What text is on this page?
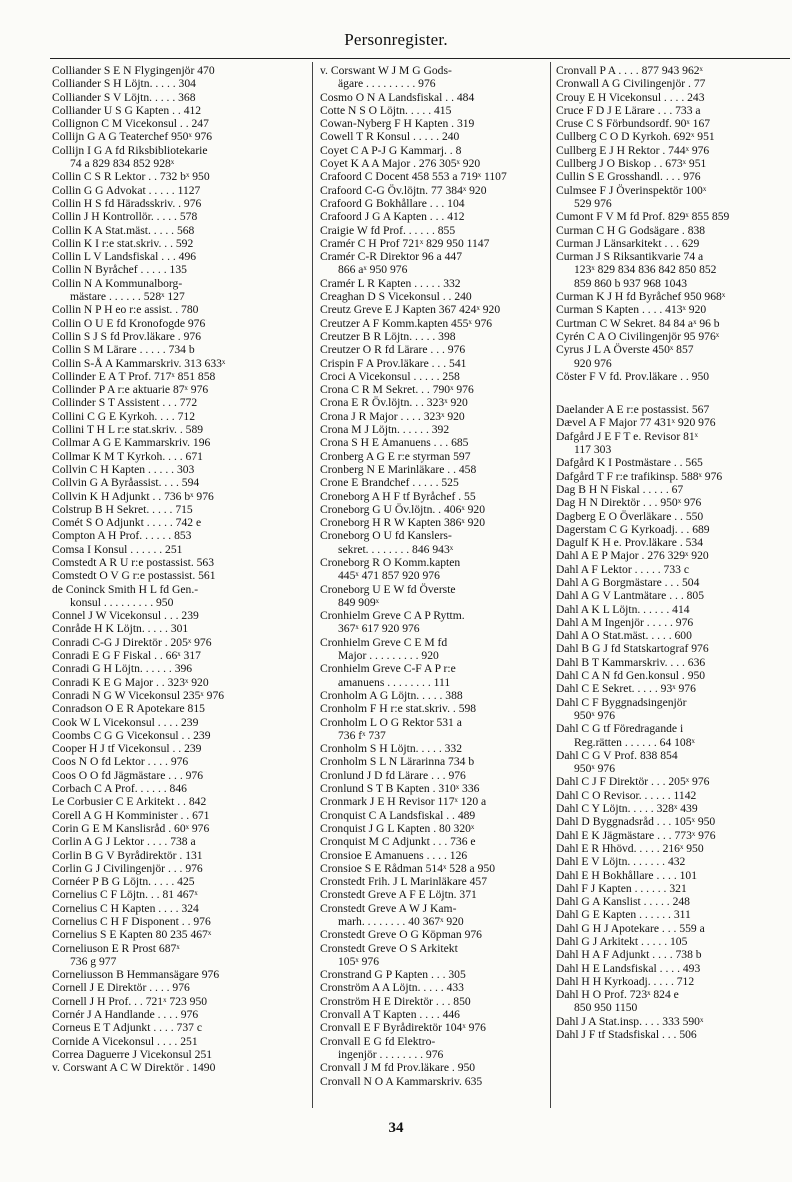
Personregister.
Colliander S E N Flygingenjör 470
Colliander S H Löjtn. . . . . 304
Colliander S V Löjtn. . . . . 368
Colliander U S G Kapten . . 412
Collignon C M Vicekonsul . . 247
Collijn G A G Teaterchef 950ˣ 976
Collijn I G A fd Riksbibliotekarie
74 a 829 834 852 928ˣ
Collin C S R Lektor . . 732 bˣ 950
Collin G G Advokat . . . . . 1127
Collin H S fd Häradsskriv. . 976
Collin J H Kontrollör. . . . . 578
Collin K A Stat.mäst. . . . . 568
Collin K I r:e stat.skriv. . . 592
Collin L V Landsfiskal . . . 496
Collin N Byråchef . . . . . 135
Collin N A Kommunalborg-
mästare . . . . . . 528ˣ 127
Collin N P H eo r:e assist. . 780
Collin O U E fd Kronofogde 976
Collin S J S fd Prov.läkare . 976
Collin S M Lärare . . . . . 734 b
Collin S-Å A Kammarskriv. 313 633ˣ
Collinder E A T Prof. 717ˣ 851 858
Collinder P A r:e aktuarie 87ˣ 976
Collinder S T Assistent . . . 772
Collini C G E Kyrkoh. . . . 712
Collini T H L r:e stat.skriv. . 589
Collmar A G E Kammarskriv. 196
Collmar K M T Kyrkoh. . . . 671
Collvin C H Kapten . . . . . 303
Collvin G A Byråassist. . . . 594
Collvin K H Adjunkt . . 736 bˣ 976
Colstrup B H Sekret. . . . . 715
Comét S O Adjunkt . . . . . 742 e
Compton A H Prof. . . . . . 853
Comsa I Konsul . . . . . . 251
Comstedt A R U r:e postassist. 563
Comstedt O V G r:e postassist. 561
de Coninck Smith H L fd Gen.-
konsul . . . . . . . . . 950
Connel J W Vicekonsul . . . 239
Conråde H K Löjtn. . . . . 301
Conradi C-G J Direktör . 205ˣ 976
Conradi E G F Fiskal . . 66ˣ 317
Conradi G H Löjtn. . . . . . 396
Conradi K E G Major . . 323ˣ 920
Conradi N G W Vicekonsul 235ˣ 976
Conradson O E R Apotekare 815
Cook W L Vicekonsul . . . . 239
Coombs C G G Vicekonsul . . 239
Cooper H J tf Vicekonsul . . 239
Coos N O fd Lektor . . . . 976
Coos O O fd Jägmästare . . . 976
Corbach C A Prof. . . . . . 846
Le Corbusier C E Arkitekt . . 842
Corell A G H Komminister . . 671
Corin G E M Kanslisråd . 60ˣ 976
Corlin A G J Lektor . . . . 738 a
Corlin B G V Byrådirektör . 131
Corlin G J Civilingenjör . . . 976
Cornéer P B G Löjtn. . . . . 425
Cornelius C F Löjtn. . . 81 467ˣ
Cornelius C H Kapten . . . . 324
Cornelius C H F Disponent . . 976
Cornelius S E Kapten 80 235 467ˣ
Corneliuson E R Prost 687ˣ
736 g 977
Corneliusson B Hemmansägare 976
Cornell J E Direktör . . . . 976
Cornell J H Prof. . . 721ˣ 723 950
Cornér J A Handlande . . . . 976
Corneus E T Adjunkt . . . . 737 c
Cornide A Vicekonsul . . . . 251
Correa Daguerre J Vicekonsul 251
v. Corswant A C W Direktör . 1490
v. Corswant W J M G Gods-
ägare . . . . . . . . . 976
Cosmo O N A Landsfiskal . . 484
Cotte N S O Löjtn. . . . . 415
Cowan-Nyberg F H Kapten . 319
Cowell T R Konsul . . . . . 240
Coyet C A P-J G Kammarj. . 8
Coyet K A A Major . 276 305ˣ 920
Crafoord C Docent 458 553 a 719ˣ 1107
Crafoord C-G Öv.löjtn. 77 384ˣ 920
Crafoord G Bokhållare . . . 104
Crafoord J G A Kapten . . . 412
Craigie W fd Prof. . . . . . 855
Cramér C H Prof 721ˣ 829 950 1147
Cramér C-R Direktor 96 a 447
866 aˣ 950 976
Cramér L R Kapten . . . . . 332
Creaghan D S Vicekonsul . . 240
Creutz Greve E J Kapten 367 424ˣ 920
Creutzer A F Komm.kapten 455ˣ 976
Creutzer B R Löjtn. . . . . 398
Creutzer O R fd Lärare . . . 976
Crispin F A Prov.läkare . . . 541
Croci A Vicekonsul . . . . . 258
Crona C R M Sekret. . . 790ˣ 976
Crona E R Öv.löjtn. . . 323ˣ 920
Crona J R Major . . . . 323ˣ 920
Crona M J Löjtn. . . . . . 392
Crona S H E Amanuens . . . 685
Cronberg A G E r:e styrman 597
Cronberg N E Marinläkare . . 458
Crone E Brandchef . . . . . 525
Croneborg A H F tf Byråchef . 55
Croneborg G U Öv.löjtn. . 406ˣ 920
Croneborg H R W Kapten 386ˣ 920
Croneborg O U fd Kanslers-
sekret. . . . . . . . 846 943ˣ
Croneborg R O Komm.kapten
445ˣ 471 857 920 976
Croneborg U E W fd Överste
849 909ˣ
Cronhielm Greve C A P Ryttm.
367ˣ 617 920 976
Cronhielm Greve C E M fd
Major . . . . . . . . . 920
Cronhielm Greve C-F A P r:e
amanuens . . . . . . . . 111
Cronholm A G Löjtn. . . . . 388
Cronholm F H r:e stat.skriv. . 598
Cronholm L O G Rektor 531 a
736 fˣ 737
Cronholm S H Löjtn. . . . . 332
Cronholm S L N Lärarinna 734 b
Cronlund J D fd Lärare . . . 976
Cronlund S T B Kapten . 310ˣ 336
Cronmark J E H Revisor 117ˣ 120 a
Cronquist C A Landsfiskal . . 489
Cronquist J G L Kapten . 80 320ˣ
Cronquist M C Adjunkt . . . 736 e
Cronsioe E Amanuens . . . . 126
Cronsioe S E Rådman 514ˣ 528 a 950
Cronstedt Frih. J L Marinläkare 457
Cronstedt Greve A F E Löjtn. 371
Cronstedt Greve A W J Kam-
marh. . . . . . . . 40 367ˣ 920
Cronstedt Greve O G Köpman 976
Cronstedt Greve O S Arkitekt
105ˣ 976
Cronstrand G P Kapten . . . 305
Cronström A A Löjtn. . . . . 433
Cronström H E Direktör . . . 850
Cronvall A T Kapten . . . . 446
Cronvall E F Byrådirektör 104ˣ 976
Cronvall E G fd Elektro-
ingenjör . . . . . . . . 976
Cronvall J M fd Prov.läkare . 950
Cronvall N O A Kammarskriv. 635
Cronvall P A . . . . 877 943 962ˣ
Cronwall A G Civilingenjör . 77
Crouy E H Vicekonsul . . . . 243
Cruce F D J E Lärare . . . 733 a
Cruse C S Förbundsordf. 90ˣ 167
Cullberg C O D Kyrkoh. 692ˣ 951
Cullberg E J H Rektor . 744ˣ 976
Cullberg J O Biskop . . 673ˣ 951
Cullin S E Grosshandl. . . . 976
Culmsee F J Överinspektör 100ˣ
529 976
Cumont F V M fd Prof. 829ˣ 855 859
Curman C H G Godsägare . 838
Curman J Länsarkitekt . . . 629
Curman J S Riksantikvarie 74 a
123ˣ 829 834 836 842 850 852
859 860 b 937 968 1043
Curman K J H fd Byråchef 950 968ˣ
Curman S Kapten . . . . 413ˣ 920
Curtman C W Sekret. 84 84 aˣ 96 b
Cyrén C A O Civilingenjör 95 976ˣ
Cyrus J L A Överste 450ˣ 857
920 976
Cöster F V fd. Prov.läkare . . 950
Daelander A E r:e postassist. 567
Dævel A F Major 77 431ˣ 920 976
Dafgård J E F T e. Revisor 81ˣ
117 303
Dafgård K I Postmästare . . 565
Dafgård T F r:e trafikinsp. 588ˣ 976
Dag B H N Fiskal . . . . . 67
Dag H N Direktör . . . 950ˣ 976
Dagberg E O Överläkare . . 550
Dagerstam C G Kyrkoadj. . . 689
Dagulf K H e. Prov.läkare . 534
Dahl A E P Major . 276 329ˣ 920
Dahl A F Lektor . . . . . 733 c
Dahl A G Borgmästare . . . 504
Dahl A G V Lantmätare . . . 805
Dahl A K L Löjtn. . . . . . 414
Dahl A M Ingenjör . . . . . 976
Dahl A O Stat.mäst. . . . . 600
Dahl B G J fd Statskartograf 976
Dahl B T Kammarskriv. . . . 636
Dahl C A N fd Gen.konsul . 950
Dahl C E Sekret. . . . . 93ˣ 976
Dahl C F Byggnadsingenjör
950ˣ 976
Dahl C G tf Föredragande i
Reg.rätten . . . . . . 64 108ˣ
Dahl C G V Prof. 838 854
950ˣ 976
Dahl C J F Direktör . . . 205ˣ 976
Dahl C O Revisor. . . . . . 1142
Dahl C Y Löjtn. . . . . 328ˣ 439
Dahl D Byggnadsråd . . . 105ˣ 950
Dahl E K Jägmästare . . . 773ˣ 976
Dahl E R Hhövd. . . . . 216ˣ 950
Dahl E V Löjtn. . . . . . . 432
Dahl E H Bokhållare . . . . 101
Dahl F J Kapten . . . . . . 321
Dahl G A Kanslist . . . . . 248
Dahl G E Kapten . . . . . . 311
Dahl G H J Apotekare . . . 559 a
Dahl G J Arkitekt . . . . . 105
Dahl H A F Adjunkt . . . . 738 b
Dahl H E Landsfiskal . . . . 493
Dahl H H Kyrkoadj. . . . . 712
Dahl H O Prof. 723ˣ 824 e
850 950 1150
Dahl J A Stat.insp. . . . 333 590ˣ
Dahl J F tf Stadsfiskal . . . 506
34
